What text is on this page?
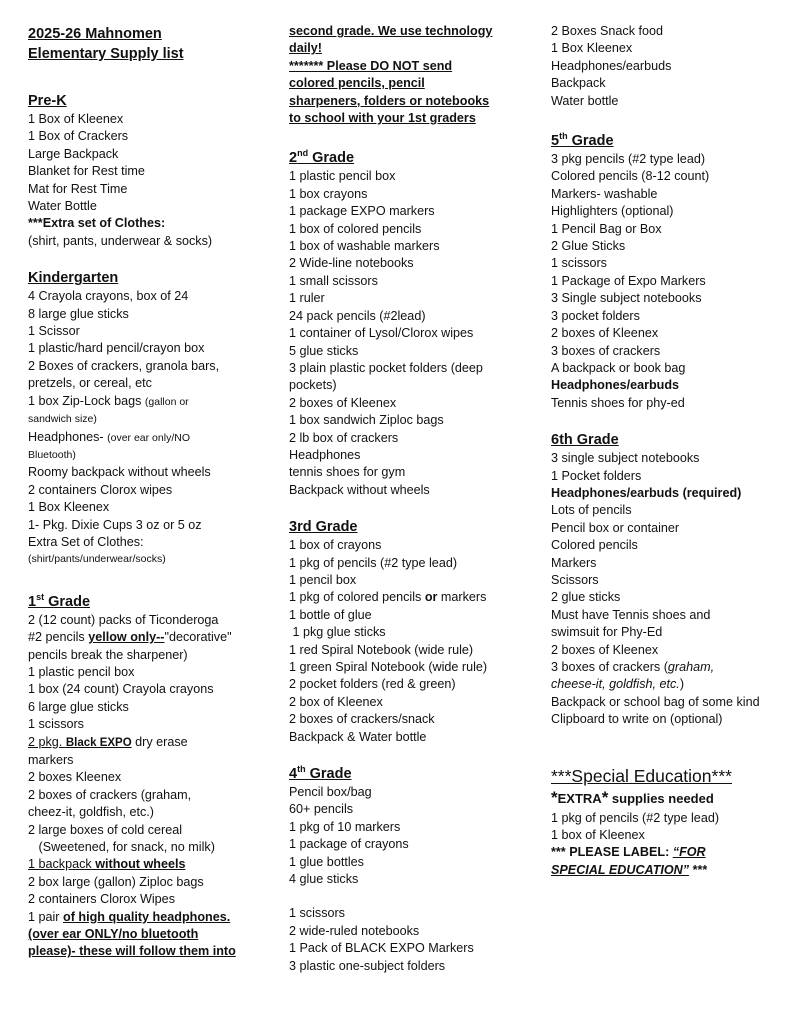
2025-26 Mahnomen
Elementary Supply list
Pre-K
1 Box of Kleenex
1 Box of Crackers
Large Backpack
Blanket for Rest time
Mat for Rest Time
Water Bottle
***Extra set of Clothes:
(shirt, pants, underwear & socks)
Kindergarten
4 Crayola crayons, box of 24
8 large glue sticks
1 Scissor
1 plastic/hard pencil/crayon box
2 Boxes of crackers, granola bars,
pretzels, or cereal, etc
1 box Zip-Lock bags (gallon or
sandwich size)
Headphones- (over ear only/NO
Bluetooth)
Roomy backpack without wheels
2 containers Clorox wipes
1 Box Kleenex
1- Pkg. Dixie Cups 3 oz or 5 oz
Extra Set of Clothes:
(shirt/pants/underwear/socks)
1st Grade
2 (12 count) packs of Ticonderoga
#2 pencils yellow only--"decorative"
pencils break the sharpener)
1 plastic pencil box
1 box (24 count) Crayola crayons
6 large glue sticks
1 scissors
2 pkg. Black EXPO dry erase
markers
2 boxes Kleenex
2 boxes of crackers (graham,
cheez-it, goldfish, etc.)
2 large boxes of cold cereal
(Sweetened, for snack, no milk)
1 backpack without wheels
2 box large (gallon) Ziploc bags
2 containers Clorox Wipes
1 pair of high quality headphones.
(over ear ONLY/no bluetooth
please)- these will follow them into
second grade. We use technology
daily!
******* Please DO NOT send
colored pencils, pencil
sharpeners, folders or notebooks
to school with your 1st graders
2nd Grade
1 plastic pencil box
1 box crayons
1 package EXPO markers
1 box of colored pencils
1 box of washable markers
2 Wide-line notebooks
1 small scissors
1 ruler
24 pack pencils (#2lead)
1 container of Lysol/Clorox wipes
5 glue sticks
3 plain plastic pocket folders (deep
pockets)
2 boxes of Kleenex
1 box sandwich Ziploc bags
2 lb box of crackers
Headphones
tennis shoes for gym
Backpack without wheels
3rd Grade
1 box of crayons
1 pkg of pencils (#2 type lead)
1 pencil box
1 pkg of colored pencils or markers
1 bottle of glue
1 pkg glue sticks
1 red Spiral Notebook (wide rule)
1 green Spiral Notebook (wide rule)
2 pocket folders (red & green)
2 box of Kleenex
2 boxes of crackers/snack
Backpack & Water bottle
4th Grade
Pencil box/bag
60+ pencils
1 pkg of 10 markers
1 package of crayons
1 glue bottles
4 glue sticks
1 scissors
2 wide-ruled notebooks
1 Pack of BLACK EXPO Markers
3 plastic one-subject folders
2 Boxes Snack food
1 Box Kleenex
Headphones/earbuds
Backpack
Water bottle
5th Grade
3 pkg pencils (#2 type lead)
Colored pencils (8-12 count)
Markers- washable
Highlighters (optional)
1 Pencil Bag or Box
2 Glue Sticks
1 scissors
1 Package of Expo Markers
3 Single subject notebooks
3 pocket folders
2 boxes of Kleenex
3 boxes of crackers
A backpack or book bag
Headphones/earbuds
Tennis shoes for phy-ed
6th Grade
3 single subject notebooks
1 Pocket folders
Headphones/earbuds (required)
Lots of pencils
Pencil box or container
Colored pencils
Markers
Scissors
2 glue sticks
Must have Tennis shoes and
swimsuit for Phy-Ed
2 boxes of Kleenex
3 boxes of crackers (graham,
cheese-it, goldfish, etc.)
Backpack or school bag of some kind
Clipboard to write on (optional)
***Special Education***
*EXTRA* supplies needed
1 pkg of pencils (#2 type lead)
1 box of Kleenex
*** PLEASE LABEL: “FOR
SPECIAL EDUCATION” ***
